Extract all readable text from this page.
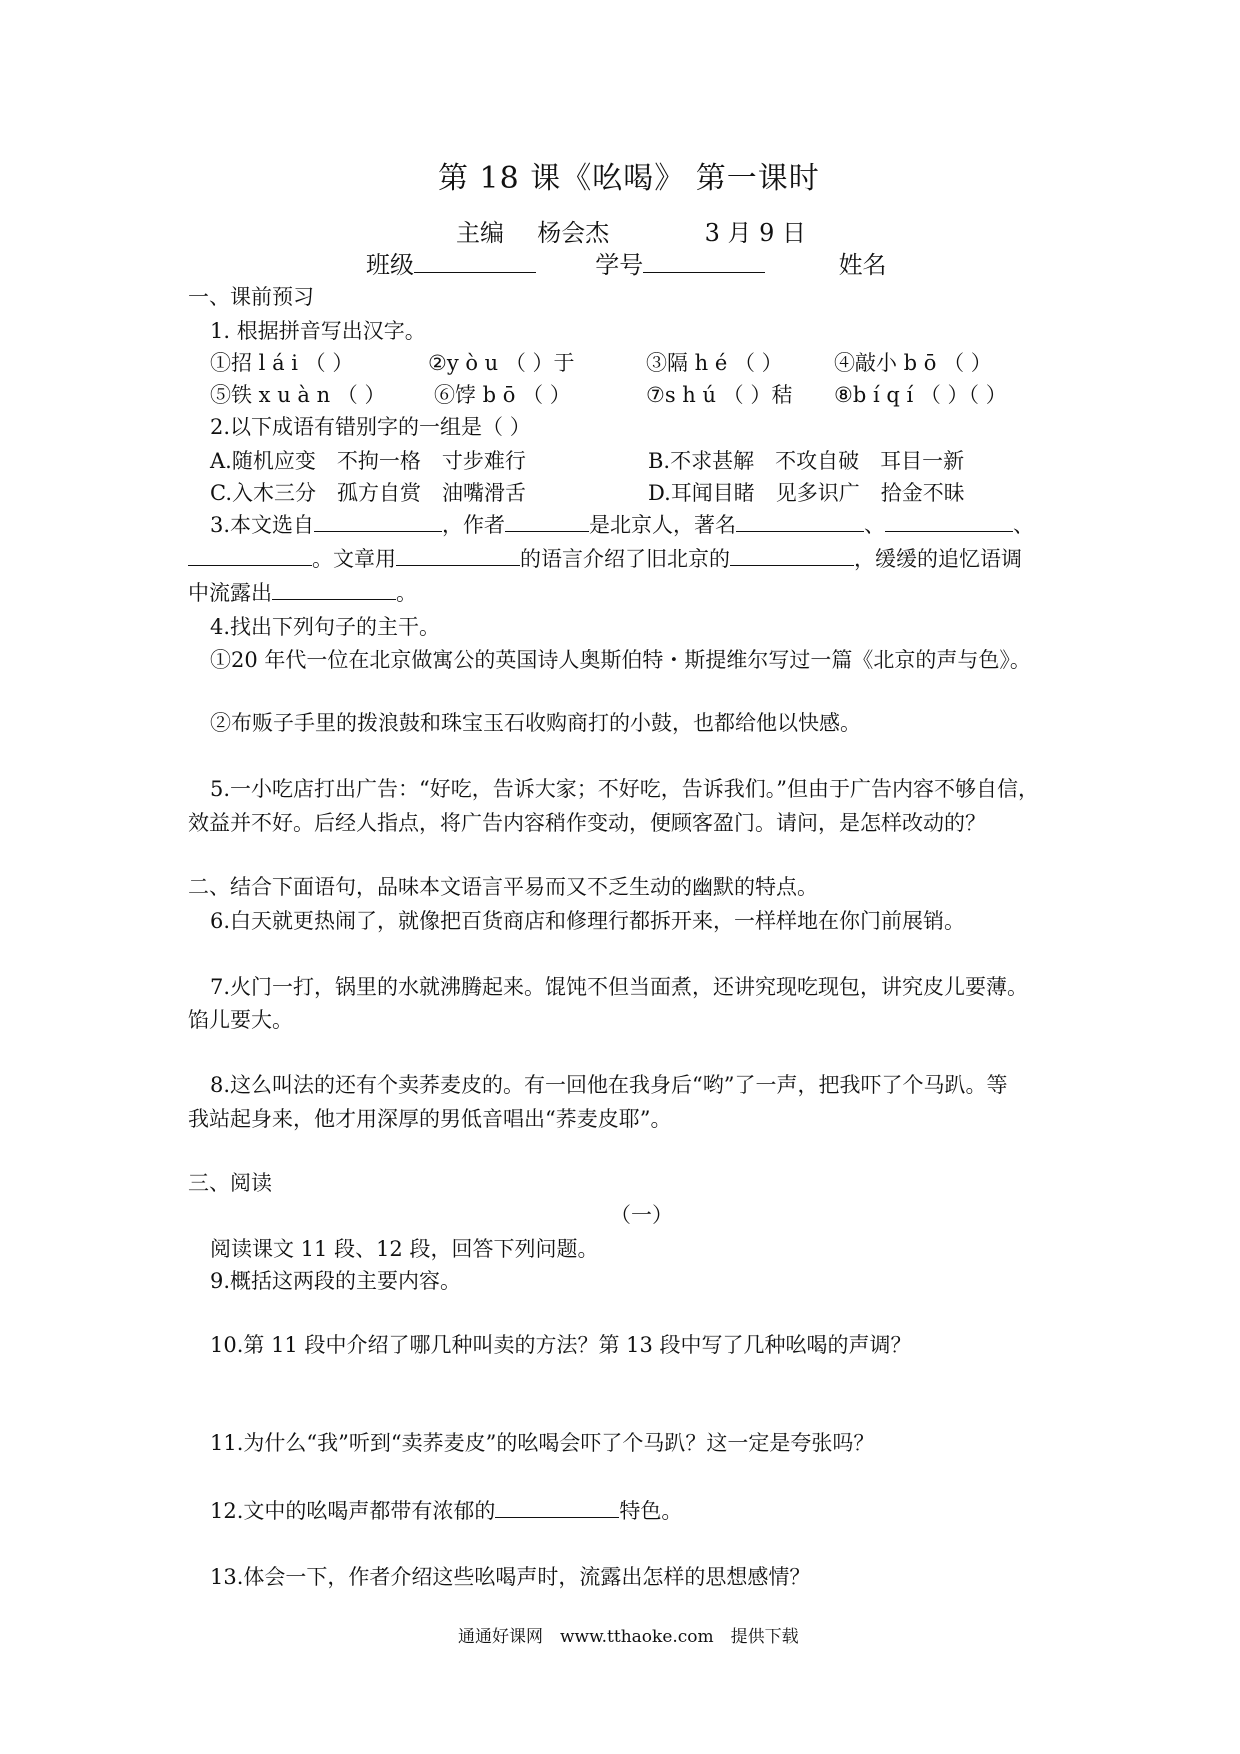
第 18 课《吆喝》 第一课时
主编 杨会杰	3 月 9 日
班级	学号	姓名
一、课前预习
1. 根据拼音写出汉字。
①招 l á i （ ）	②y ò u （ ）于	③隔 h é （ ） ④敲小 b ō （ ）
⑤铁 x u à n （ ） ⑥饽 b ō （ ）	⑦s h ú （ ）秸 ⑧b í q í （ ）（ ）
2.以下成语有错别字的一组是（ ）
A.随机应变　不拘一格　寸步难行	B.不求甚解　不攻自破　耳目一新
C.入木三分　孤方自赏　油嘴滑舌	D.耳闻目睹　见多识广　拾金不昧
3.本文选自	，作者	是北京人，著名	、	、
。文章用	的语言介绍了旧北京的	，缓缓的追忆语调
中流露出	。
4.找出下列句子的主干。
①20 年代一位在北京做寓公的英国诗人奥斯伯特・斯提维尔写过一篇《北京的声与色》。
②布贩子手里的拨浪鼓和珠宝玉石收购商打的小鼓，也都给他以快感。
5.一小吃店打出广告：“好吃，告诉大家；不好吃，告诉我们。”但由于广告内容不够自信，
效益并不好。后经人指点，将广告内容稍作变动，便顾客盈门。请问，是怎样改动的？
二、结合下面语句，品味本文语言平易而又不乏生动的幽默的特点。
6.白天就更热闹了，就像把百货商店和修理行都拆开来，一样样地在你门前展销。
7.火门一打，锅里的水就沸腾起来。馄饨不但当面煮，还讲究现吃现包，讲究皮儿要薄。
馅儿要大。
8.这么叫法的还有个卖荞麦皮的。有一回他在我身后“哟”了一声，把我吓了个马趴。等
我站起身来，他才用深厚的男低音唱出“荞麦皮耶”。
三、阅读
（一）
阅读课文 11 段、12 段，回答下列问题。
9.概括这两段的主要内容。
10.第 11 段中介绍了哪几种叫卖的方法？第 13 段中写了几种吆喝的声调？
11.为什么“我”听到“卖荞麦皮”的吆喝会吓了个马趴？这一定是夸张吗？
12.文中的吆喝声都带有浓郁的	特色。
13.体会一下，作者介绍这些吆喝声时，流露出怎样的思想感情？
通通好课网　www.tthaoke.com　提供下载
